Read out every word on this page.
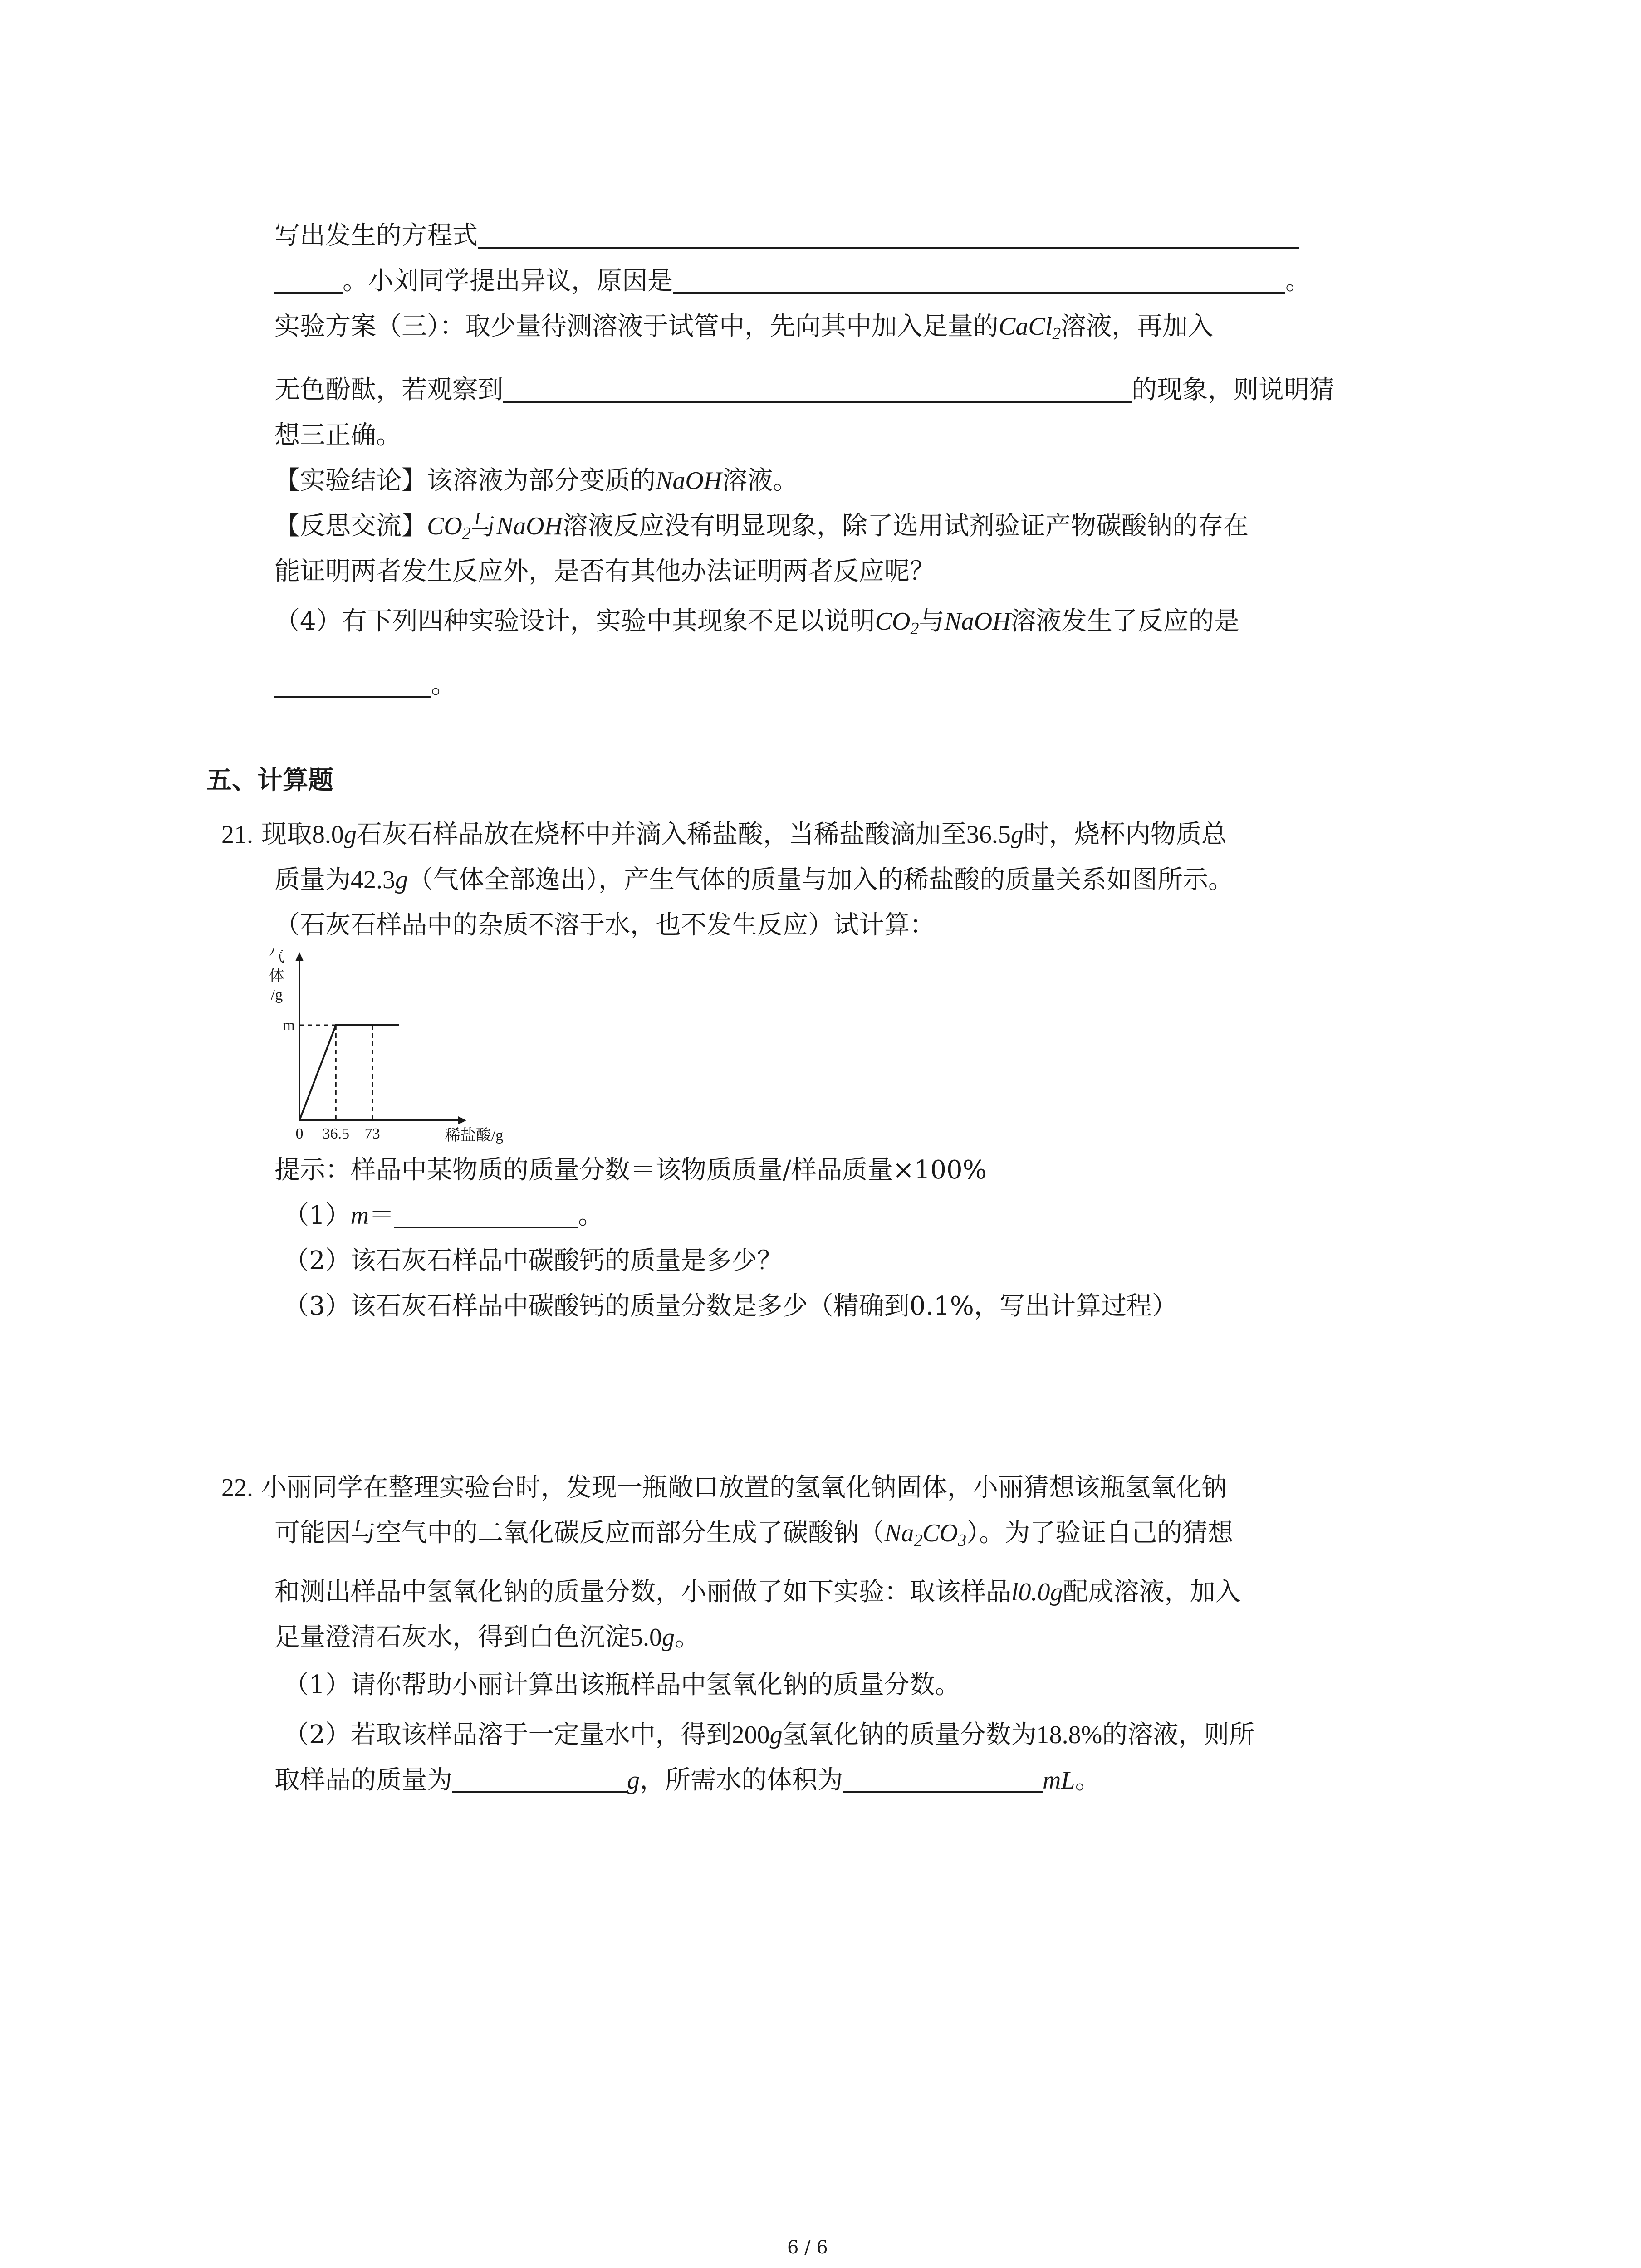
写出发生的方程式
。小刘同学提出异议，原因是	。
实验方案（三）：取少量待测溶液于试管中，先向其中加入足量的CaCl$_2$溶液，再加入
无色酚酞，若观察到	的现象，则说明猜
想三正确。
【实验结论】该溶液为部分变质的NaOH溶液。
【反思交流】$CO_2$与NaOH溶液反应没有明显现象，除了选用试剂验证产物碳酸钠的存在
能证明两者发生反应外，是否有其他办法证明两者反应呢？
（4）有下列四种实验设计，实验中其现象不足以说明$CO_2$与NaOH溶液发生了反应的是
。
五、计算题
21. 现取8.0g石灰石样品放在烧杯中并滴入稀盐酸，当稀盐酸滴加至36.5g时，烧杯内物质总
质量为42.3g（气体全部逸出），产生气体的质量与加入的稀盐酸的质量关系如图所示。
（石灰石样品中的杂质不溶于水，也不发生反应）试计算：
0 36.5 73
m
稀盐酸/g
气
体
/g
提示：样品中某物质的质量分数＝该物质质量/样品质量×100%
（1）m＝	。
（2）该石灰石样品中碳酸钙的质量是多少？
（3）该石灰石样品中碳酸钙的质量分数是多少（精确到0.1%，写出计算过程）
22. 小丽同学在整理实验台时，发现一瓶敞口放置的氢氧化钠固体，小丽猜想该瓶氢氧化钠
可能因与空气中的二氧化碳反应而部分生成了碳酸钠$(Na_2CO_3)$。为了验证自己的猜想
和测出样品中氢氧化钠的质量分数，小丽做了如下实验：取该样品l0.0g配成溶液，加入
足量澄清石灰水，得到白色沉淀5.0g。
（1）请你帮助小丽计算出该瓶样品中氢氧化钠的质量分数。
（2）若取该样品溶于一定量水中，得到200g氢氧化钠的质量分数为18.8%的溶液，则所
取样品的质量为	g，所需水的体积为	mL。
6 / 6
